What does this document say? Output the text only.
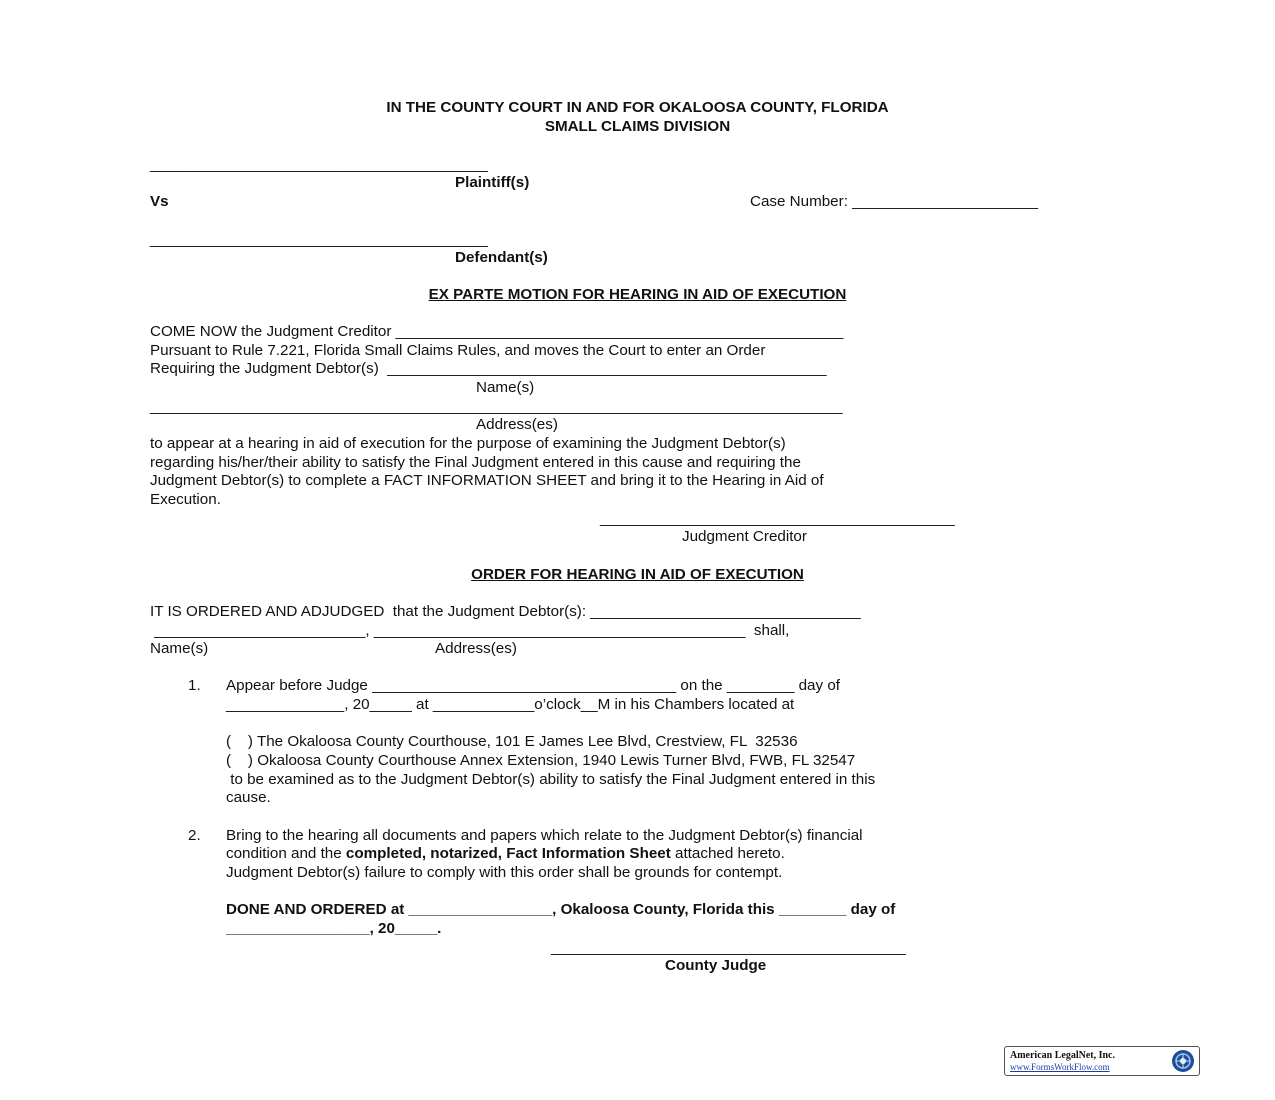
IN THE COUNTY COURT IN AND FOR OKALOOSA COUNTY, FLORIDA
SMALL CLAIMS DIVISION
________________________________________
Plaintiff(s)
Vs	Case Number: ______________________
________________________________________
Defendant(s)
EX PARTE MOTION FOR HEARING IN AID OF EXECUTION
COME NOW the Judgment Creditor _____________________________________________________
Pursuant to Rule 7.221, Florida Small Claims Rules, and moves the Court to enter an Order
Requiring the Judgment Debtor(s)  ____________________________________________________
Name(s)
__________________________________________________________________________________
Address(es)
to appear at a hearing in aid of execution for the purpose of examining the Judgment Debtor(s)
regarding his/her/their ability to satisfy the Final Judgment entered in this cause and requiring the
Judgment Debtor(s) to complete a FACT INFORMATION SHEET and bring it to the Hearing in Aid of
Execution.
__________________________________________
Judgment Creditor
ORDER FOR HEARING IN AID OF EXECUTION
IT IS ORDERED AND ADJUDGED  that the Judgment Debtor(s): ________________________________
_________________________, ____________________________________________  shall,
Name(s)	Address(es)
1. Appear before Judge ____________________________________ on the ________ day of
______________, 20_____ at ____________o’clock__M in his Chambers located at
(    ) The Okaloosa County Courthouse, 101 E James Lee Blvd, Crestview, FL  32536
(    ) Okaloosa County Courthouse Annex Extension, 1940 Lewis Turner Blvd, FWB, FL 32547
to be examined as to the Judgment Debtor(s) ability to satisfy the Final Judgment entered in this
cause.
2. Bring to the hearing all documents and papers which relate to the Judgment Debtor(s) financial
condition and the completed, notarized, Fact Information Sheet attached hereto.
Judgment Debtor(s) failure to comply with this order shall be grounds for contempt.
DONE AND ORDERED at _________________, Okaloosa County, Florida this ________ day of
_________________, 20_____.
__________________________________________
County Judge
American LegalNet, Inc.
www.FormsWorkFlow.com
